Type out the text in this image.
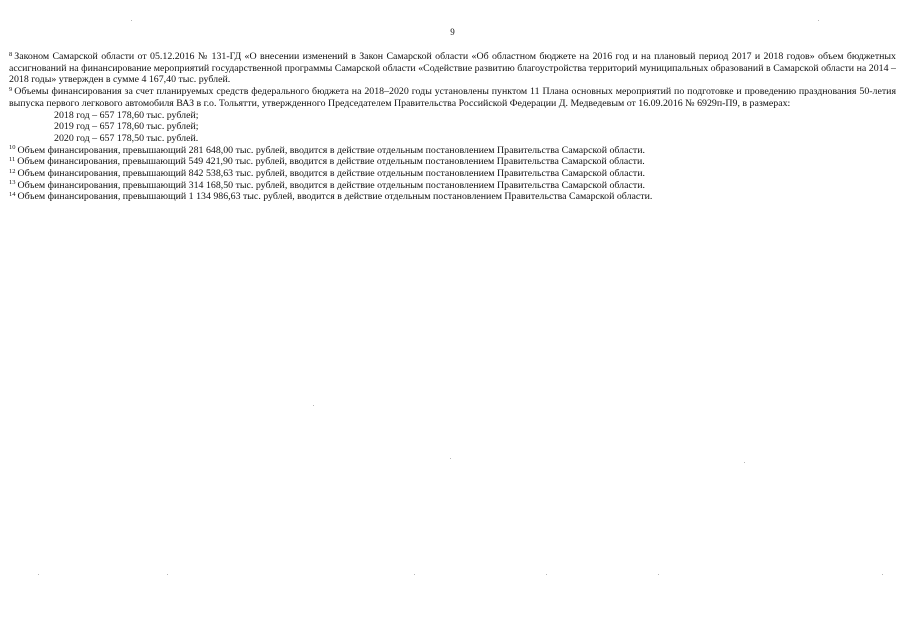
9

$^8$ Законом Самарской области от 05.12.2016 № 131-ГД «О внесении изменений в Закон Самарской области «Об областном бюджете на 2016 год и на плановый период 2017 и 2018 годов» объем бюджетных ассигнований на финансирование мероприятий государственной программы Самарской области «Содействие развитию благоустройства территорий муниципальных образований в Самарской области на 2014 – 2018 годы» утвержден в сумме 4 167,40 тыс. рублей.

$^9$ Объемы финансирования за счет планируемых средств федерального бюджета на 2018–2020 годы установлены пунктом 11 Плана основных мероприятий по подготовке и проведению празднования 50-летия выпуска первого легкового автомобиля ВАЗ в г.о. Тольятти, утвержденного Председателем Правительства Российской Федерации Д. Медведевым от 16.09.2016 № 6929п-П9, в размерах:

2018 год – 657 178,60 тыс. рублей;

2019 год – 657 178,60 тыс. рублей;

2020 год – 657 178,50 тыс. рублей.

$^{10}$ Объем финансирования, превышающий 281 648,00 тыс. рублей, вводится в действие отдельным постановлением Правительства Самарской области.

$^{11}$ Объем финансирования, превышающий 549 421,90 тыс. рублей, вводится в действие отдельным постановлением Правительства Самарской области.

$^{12}$ Объем финансирования, превышающий 842 538,63 тыс. рублей, вводится в действие отдельным постановлением Правительства Самарской области.

$^{13}$ Объем финансирования, превышающий 314 168,50 тыс. рублей, вводится в действие отдельным постановлением Правительства Самарской области.

$^{14}$ Объем финансирования, превышающий 1 134 986,63 тыс. рублей, вводится в действие отдельным постановлением Правительства Самарской области.
